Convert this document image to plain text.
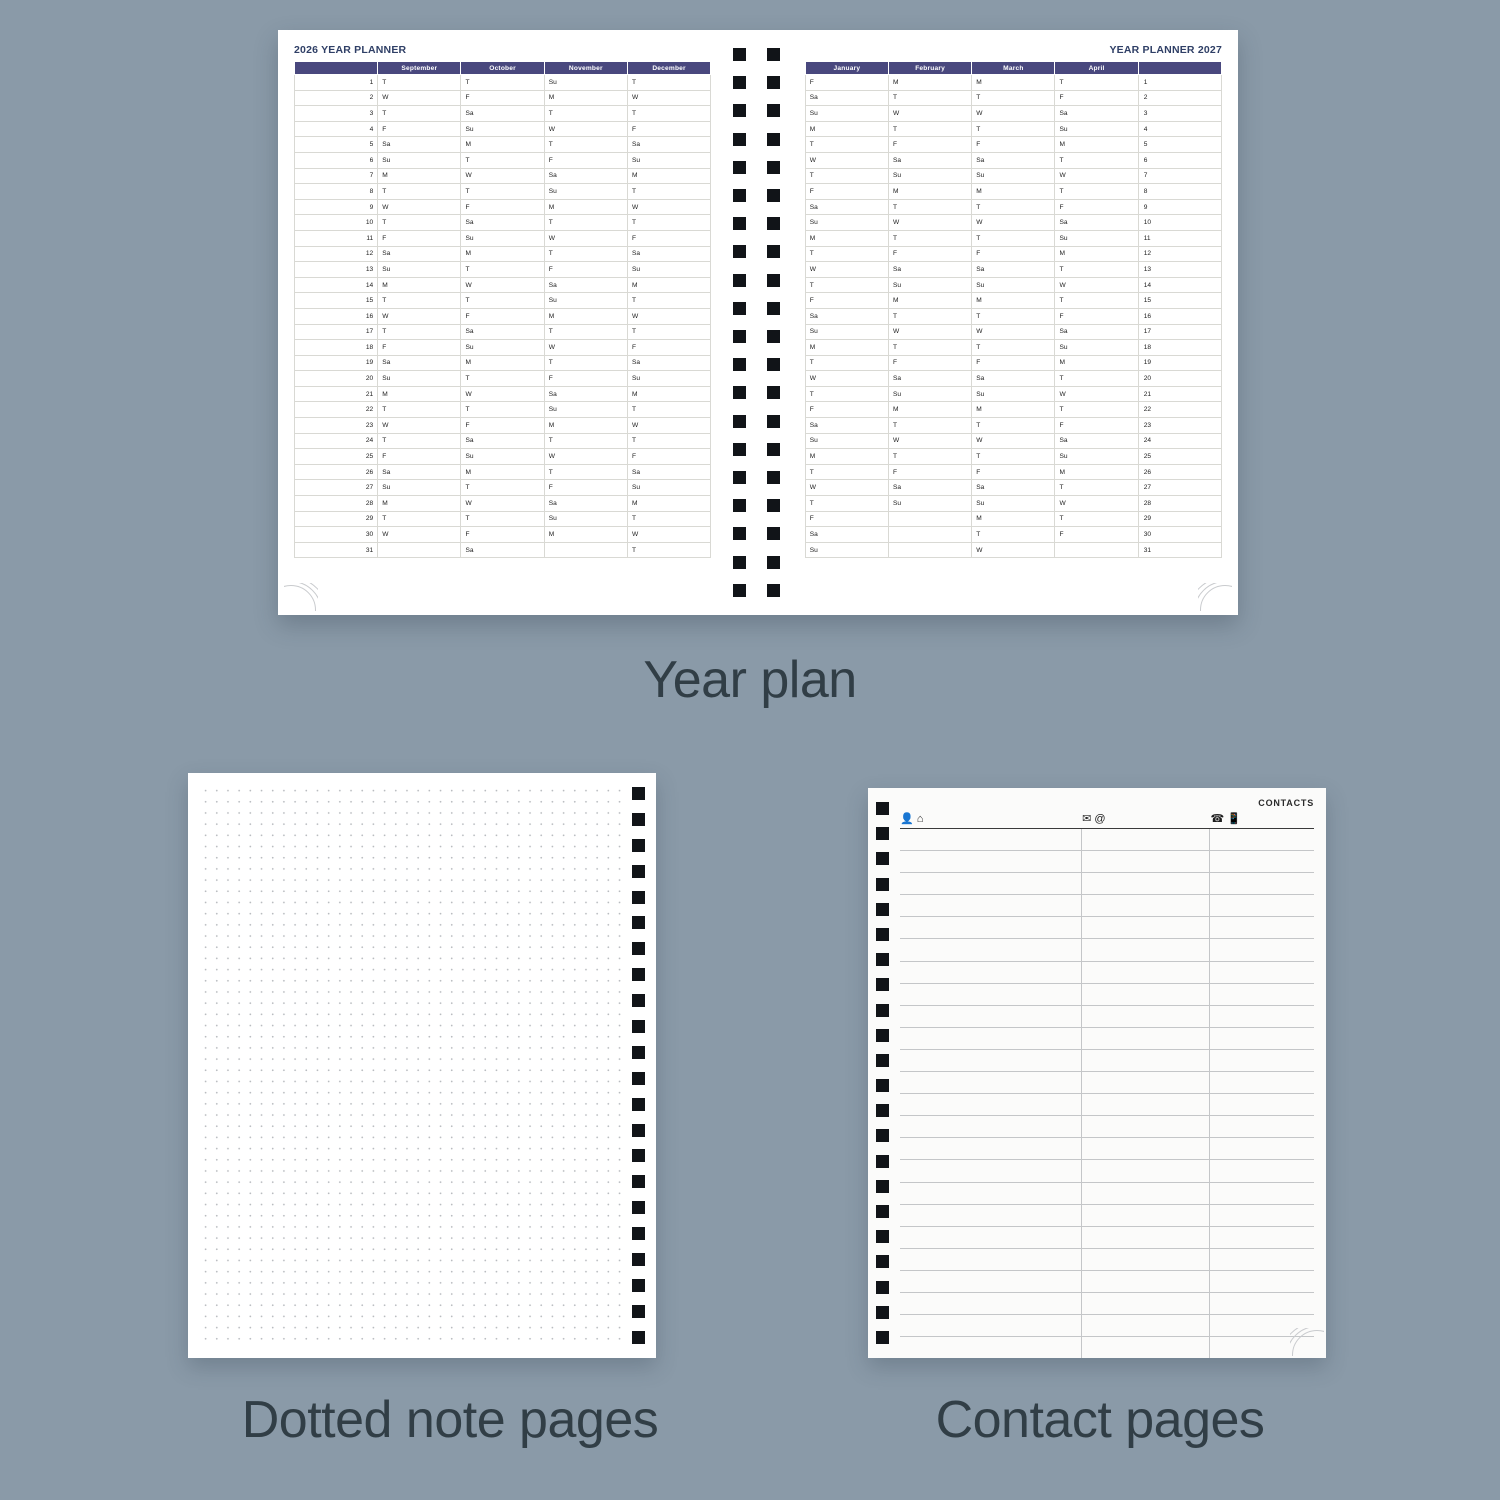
2026 YEAR PLANNER
	September	October	November	December
1	T	T	Su	T
2	W	F	M	W
3	T	Sa	T	T
4	F	Su	W	F
5	Sa	M	T	Sa
6	Su	T	F	Su
7	M	W	Sa	M
8	T	T	Su	T
9	W	F	M	W
10	T	Sa	T	T
11	F	Su	W	F
12	Sa	M	T	Sa
13	Su	T	F	Su
14	M	W	Sa	M
15	T	T	Su	T
16	W	F	M	W
17	T	Sa	T	T
18	F	Su	W	F
19	Sa	M	T	Sa
20	Su	T	F	Su
21	M	W	Sa	M
22	T	T	Su	T
23	W	F	M	W
24	T	Sa	T	T
25	F	Su	W	F
26	Sa	M	T	Sa
27	Su	T	F	Su
28	M	W	Sa	M
29	T	T	Su	T
30	W	F	M	W
31		Sa		T
YEAR PLANNER 2027
January	February	March	April	
F	M	M	T	1
Sa	T	T	F	2
Su	W	W	Sa	3
M	T	T	Su	4
T	F	F	M	5
W	Sa	Sa	T	6
T	Su	Su	W	7
F	M	M	T	8
Sa	T	T	F	9
Su	W	W	Sa	10
M	T	T	Su	11
T	F	F	M	12
W	Sa	Sa	T	13
T	Su	Su	W	14
F	M	M	T	15
Sa	T	T	F	16
Su	W	W	Sa	17
M	T	T	Su	18
T	F	F	M	19
W	Sa	Sa	T	20
T	Su	Su	W	21
F	M	M	T	22
Sa	T	T	F	23
Su	W	W	Sa	24
M	T	T	Su	25
T	F	F	M	26
W	Sa	Sa	T	27
T	Su	Su	W	28
F		M	T	29
Sa		T	F	30
Su		W		31
Year plan
Dotted note pages
CONTACTS
👤 ⌂	✉ @	☎ 📱
Contact pages
